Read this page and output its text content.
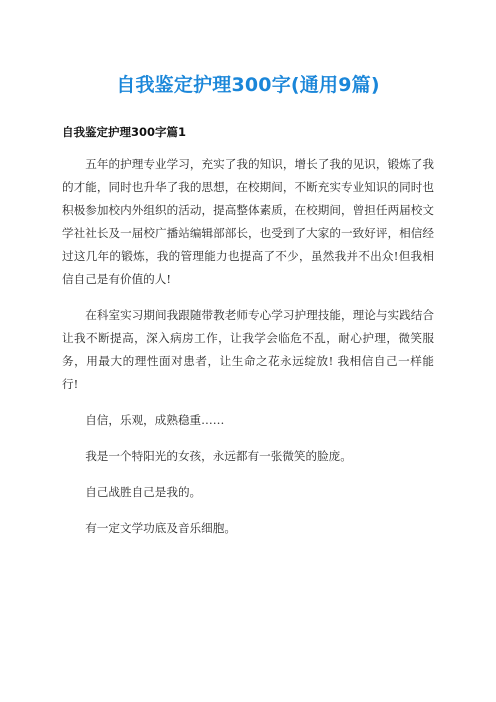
自我鉴定护理300字(通用9篇)
自我鉴定护理300字篇1

五年的护理专业学习，充实了我的知识，增长了我的见识，锻炼了我的才能，同时也升华了我的思想，在校期间，不断充实专业知识的同时也积极参加校内外组织的活动，提高整体素质，在校期间，曾担任两届校文学社社长及一届校广播站编辑部部长，也受到了大家的一致好评，相信经过这几年的锻炼，我的管理能力也提高了不少，虽然我并不出众!但我相信自己是有价值的人!

在科室实习期间我跟随带教老师专心学习护理技能，理论与实践结合让我不断提高，深入病房工作，让我学会临危不乱，耐心护理，微笑服务，用最大的理性面对患者，让生命之花永远绽放! 我相信自己一样能行!

自信，乐观，成熟稳重……

我是一个特阳光的女孩，永远都有一张微笑的脸庞。

自己战胜自己是我的。

有一定文学功底及音乐细胞。
